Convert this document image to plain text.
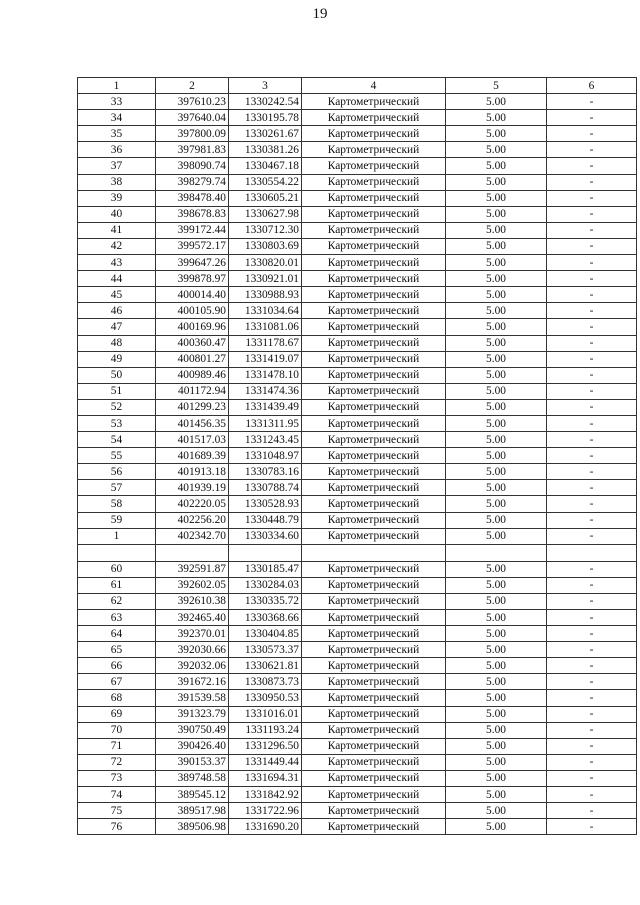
19
1	2	3	4	5	6
33	397610.23	1330242.54	Картометрический	5.00	-
34	397640.04	1330195.78	Картометрический	5.00	-
35	397800.09	1330261.67	Картометрический	5.00	-
36	397981.83	1330381.26	Картометрический	5.00	-
37	398090.74	1330467.18	Картометрический	5.00	-
38	398279.74	1330554.22	Картометрический	5.00	-
39	398478.40	1330605.21	Картометрический	5.00	-
40	398678.83	1330627.98	Картометрический	5.00	-
41	399172.44	1330712.30	Картометрический	5.00	-
42	399572.17	1330803.69	Картометрический	5.00	-
43	399647.26	1330820.01	Картометрический	5.00	-
44	399878.97	1330921.01	Картометрический	5.00	-
45	400014.40	1330988.93	Картометрический	5.00	-
46	400105.90	1331034.64	Картометрический	5.00	-
47	400169.96	1331081.06	Картометрический	5.00	-
48	400360.47	1331178.67	Картометрический	5.00	-
49	400801.27	1331419.07	Картометрический	5.00	-
50	400989.46	1331478.10	Картометрический	5.00	-
51	401172.94	1331474.36	Картометрический	5.00	-
52	401299.23	1331439.49	Картометрический	5.00	-
53	401456.35	1331311.95	Картометрический	5.00	-
54	401517.03	1331243.45	Картометрический	5.00	-
55	401689.39	1331048.97	Картометрический	5.00	-
56	401913.18	1330783.16	Картометрический	5.00	-
57	401939.19	1330788.74	Картометрический	5.00	-
58	402220.05	1330528.93	Картометрический	5.00	-
59	402256.20	1330448.79	Картометрический	5.00	-
1	402342.70	1330334.60	Картометрический	5.00	-

60	392591.87	1330185.47	Картометрический	5.00	-
61	392602.05	1330284.03	Картометрический	5.00	-
62	392610.38	1330335.72	Картометрический	5.00	-
63	392465.40	1330368.66	Картометрический	5.00	-
64	392370.01	1330404.85	Картометрический	5.00	-
65	392030.66	1330573.37	Картометрический	5.00	-
66	392032.06	1330621.81	Картометрический	5.00	-
67	391672.16	1330873.73	Картометрический	5.00	-
68	391539.58	1330950.53	Картометрический	5.00	-
69	391323.79	1331016.01	Картометрический	5.00	-
70	390750.49	1331193.24	Картометрический	5.00	-
71	390426.40	1331296.50	Картометрический	5.00	-
72	390153.37	1331449.44	Картометрический	5.00	-
73	389748.58	1331694.31	Картометрический	5.00	-
74	389545.12	1331842.92	Картометрический	5.00	-
75	389517.98	1331722.96	Картометрический	5.00	-
76	389506.98	1331690.20	Картометрический	5.00	-
